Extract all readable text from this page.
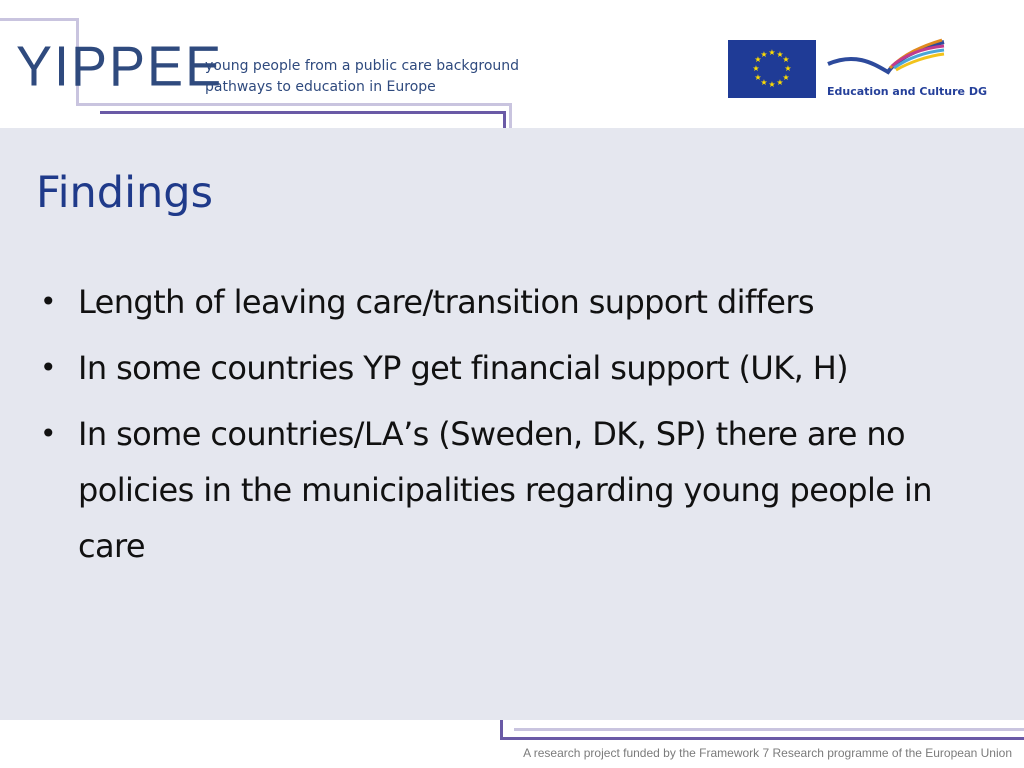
YIPPEE
young people from a public care background
pathways to education in Europe
★ ★
★
★
★
★
★
★
★
★
★
★
Education and Culture DG
Findings
• Length of leaving care/transition support differs
• In some countries YP get financial support (UK, H)
• In some countries/LA’s (Sweden, DK, SP) there are no policies in the municipalities regarding young people in care
A research project funded by the Framework 7 Research programme of the European Union
